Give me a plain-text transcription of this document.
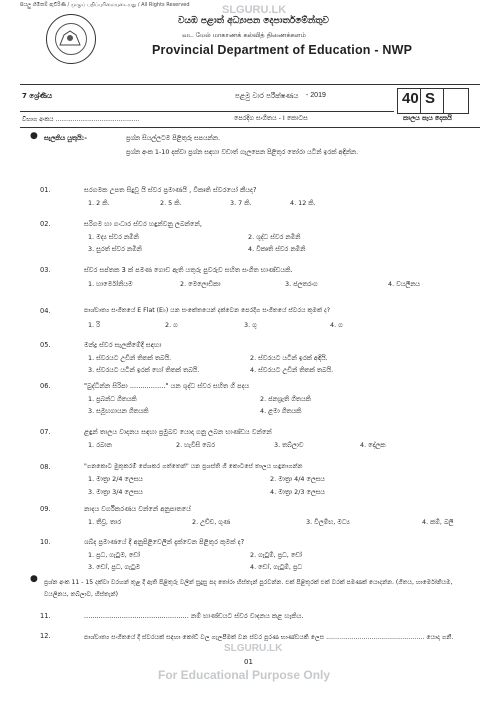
SLGURU.LK
SLGURU.LK
For Educational Purpose Only
සියලු හිමිකම් ඇවිරිණි / முழுப் பதிப்புரிமையுடையது / All Rights Reserved
වයඹ පළාත් අධ්‍යාපන දෙපාර්තමේන්තුව
வட மேல் மாகாணக் கல்வித் திணைக்களம்
Provincial Department of Education - NWP
7 ශ්‍රේණිය	පළමු වාර පරීක්ෂණය - 2019	40 S
විභාග අංකය ............................................	පෙරදිග සංගීතය - I කොටස	කාලය පැය දෙකයි
● සැලකිය යුතුයි:-	ප්‍රශ්න සියල්ලටම පිළිතුරු සපයන්න.
ප්‍රශ්න අංක 1-10 දක්වා ප්‍රශ්න සඳහා වඩාත් ගැලපෙන පිළිතුර තෝරා යටින් ඉරක් අඳින්න.
01.	සරගමක උපත සිදුවූ යි ස්වර ප්‍රමාණයි , විකෘති ස්වරයෝ කීයද?
1. 2 කි.	2. 5 කි.	3. 7 කි.	4. 12 කි.
02.	සරිගම හා ගංධාර ස්වර හඳුන්වනු ලබන්නේ,
1. මද්‍ය ස්වර නමිනි	2. ශුද්ධ ස්වර නමිනි
3. සුරත් ස්වර නමිනි	4. විකෘති ස්වර නමිනි
03.	ස්වර සප්තක 3 ක් පමණ ගොඩ ඇති යතුරු පුවරුව සහිත සංගීත භාණ්ඩයකි.
1. හාර්මෝනියම	2. මෙලොඩිකා	3. ජලතරංග	4. වයලීනය
04.	පාශ්චාත්‍ය සංගීතයේ E Flat (E♭) යන සංකේතයෙන් දක්වෙන පෙරදිග සංගීතයේ ස්වරය කුමක් ද?
1. රි	2. ග	3. ගු	4. ග
05.	මන්ද්‍ර ස්වර සැලකීමේදී සඳහා
1. ස්වරයට උඩින් තිතක් තබයි.	2. ස්වරයට යටින් ඉරක් අඳියි.
3. ස්වරයට යටින් ඉරක් හෝ තිතක් තබයි.	4. ස්වරයට උඩින් තිතක් තබයි.
06.	"බුද්ධින්න සිරිපා ................." යන ශුද්ධ ස්වර සහිත ගී පදය
1. ප්‍රබන්ධ ගීතයකි	2. ජනශ්‍රැති ගීතයකි
3. සමූහගායන ගීතයකි	4. ළමා ගීතයකි
07.	ළඳුන් තාලය වාදනය සඳහා ප්‍රමුඛව යොදා ගනු ලබන භාණ්ඩය වන්නේ
1. රබාන	2. හැවිසි බෙර	3. තබ්ලාව	4. දෝලක
08.	"ගනකොට මුතුකරම් පේශකර ගත්තෙන්" යන ප්‍රශස්ති ගී කොටසේ තාලය හඳුනාගන්න
1. මාත්‍රා 2/4 ලෙසය	2. මාත්‍රා 4/4 ලෙසය
3. මාත්‍රා 3/4 ලෙසය	4. මාත්‍රා 2/3 ලෙසය
09.	නාදය වර්ගීකරණය වන්නේ අනුපාතයේ
1. තීව්‍ර, තාර	2. උච්ච, ගුණ	3. විලම්භ, මධ්‍ය	4. කම්, බලි
10.	ශබ්ද ප්‍රමාණයේ දී අනුපිළිවෙලින් දැක්වෙන පිළිතුර කුමක් ද?
1. ප්‍රධ, ගැටුම, ඩෝ	2. ගැටුම්, ප්‍රධ, ඩෝ
3. ඩෝ, ප්‍රධ, ගැටුම	4. ඩෝ, ගැටුම්, ප්‍රධ
● ප්‍රශ්න අංක 11 - 15 දක්වා වරහන් තුළ දී ඇති පිළිතුරු වලින් සුදුසු පද තෝරා හිස්තැන් පුරවන්න. එක් පිළිතුරක් එක් වරක් පමණක් යොදන්න. (ගීතය, හාර්මෝනියම, වයලීනය, තබ්ලාව, හිස්තැන්)
11.	.................................................. නම් භාණ්ඩයට ස්වර වාදනය කළ හැකිය.
12.	පාශ්චාත්‍ය සංගීතයේ දී ස්වරයක් සඳහා කෝඩ් වල ගැලපීමක් වන ස්වර පූරණ භාණ්ඩයකි ලෙස .................................................. යොදා ගනී.
01
